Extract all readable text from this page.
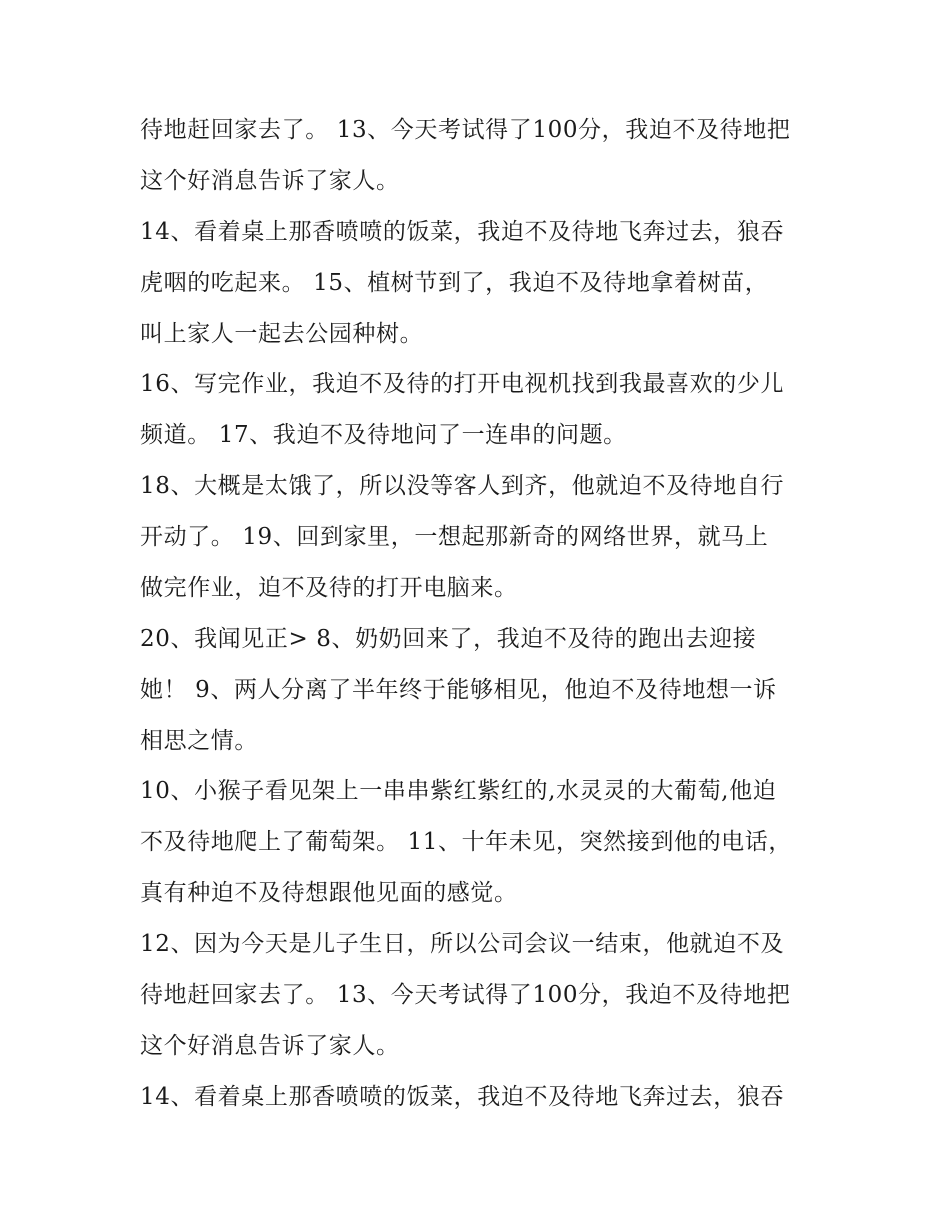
待地赶回家去了。 13、今天考试得了100分，我迫不及待地把
这个好消息告诉了家人。
14、看着桌上那香喷喷的饭菜，我迫不及待地飞奔过去，狼吞
虎咽的吃起来。 15、植树节到了，我迫不及待地拿着树苗，
叫上家人一起去公园种树。
16、写完作业，我迫不及待的打开电视机找到我最喜欢的少儿
频道。 17、我迫不及待地问了一连串的问题。
18、大概是太饿了，所以没等客人到齐，他就迫不及待地自行
开动了。 19、回到家里，一想起那新奇的网络世界，就马上
做完作业，迫不及待的打开电脑来。
20、我闻见正> 8、奶奶回来了，我迫不及待的跑出去迎接
她！ 9、两人分离了半年终于能够相见，他迫不及待地想一诉
相思之情。
10、小猴子看见架上一串串紫红紫红的,水灵灵的大葡萄,他迫
不及待地爬上了葡萄架。 11、十年未见，突然接到他的电话，
真有种迫不及待想跟他见面的感觉。
12、因为今天是儿子生日，所以公司会议一结束，他就迫不及
待地赶回家去了。 13、今天考试得了100分，我迫不及待地把
这个好消息告诉了家人。
14、看着桌上那香喷喷的饭菜，我迫不及待地飞奔过去，狼吞
